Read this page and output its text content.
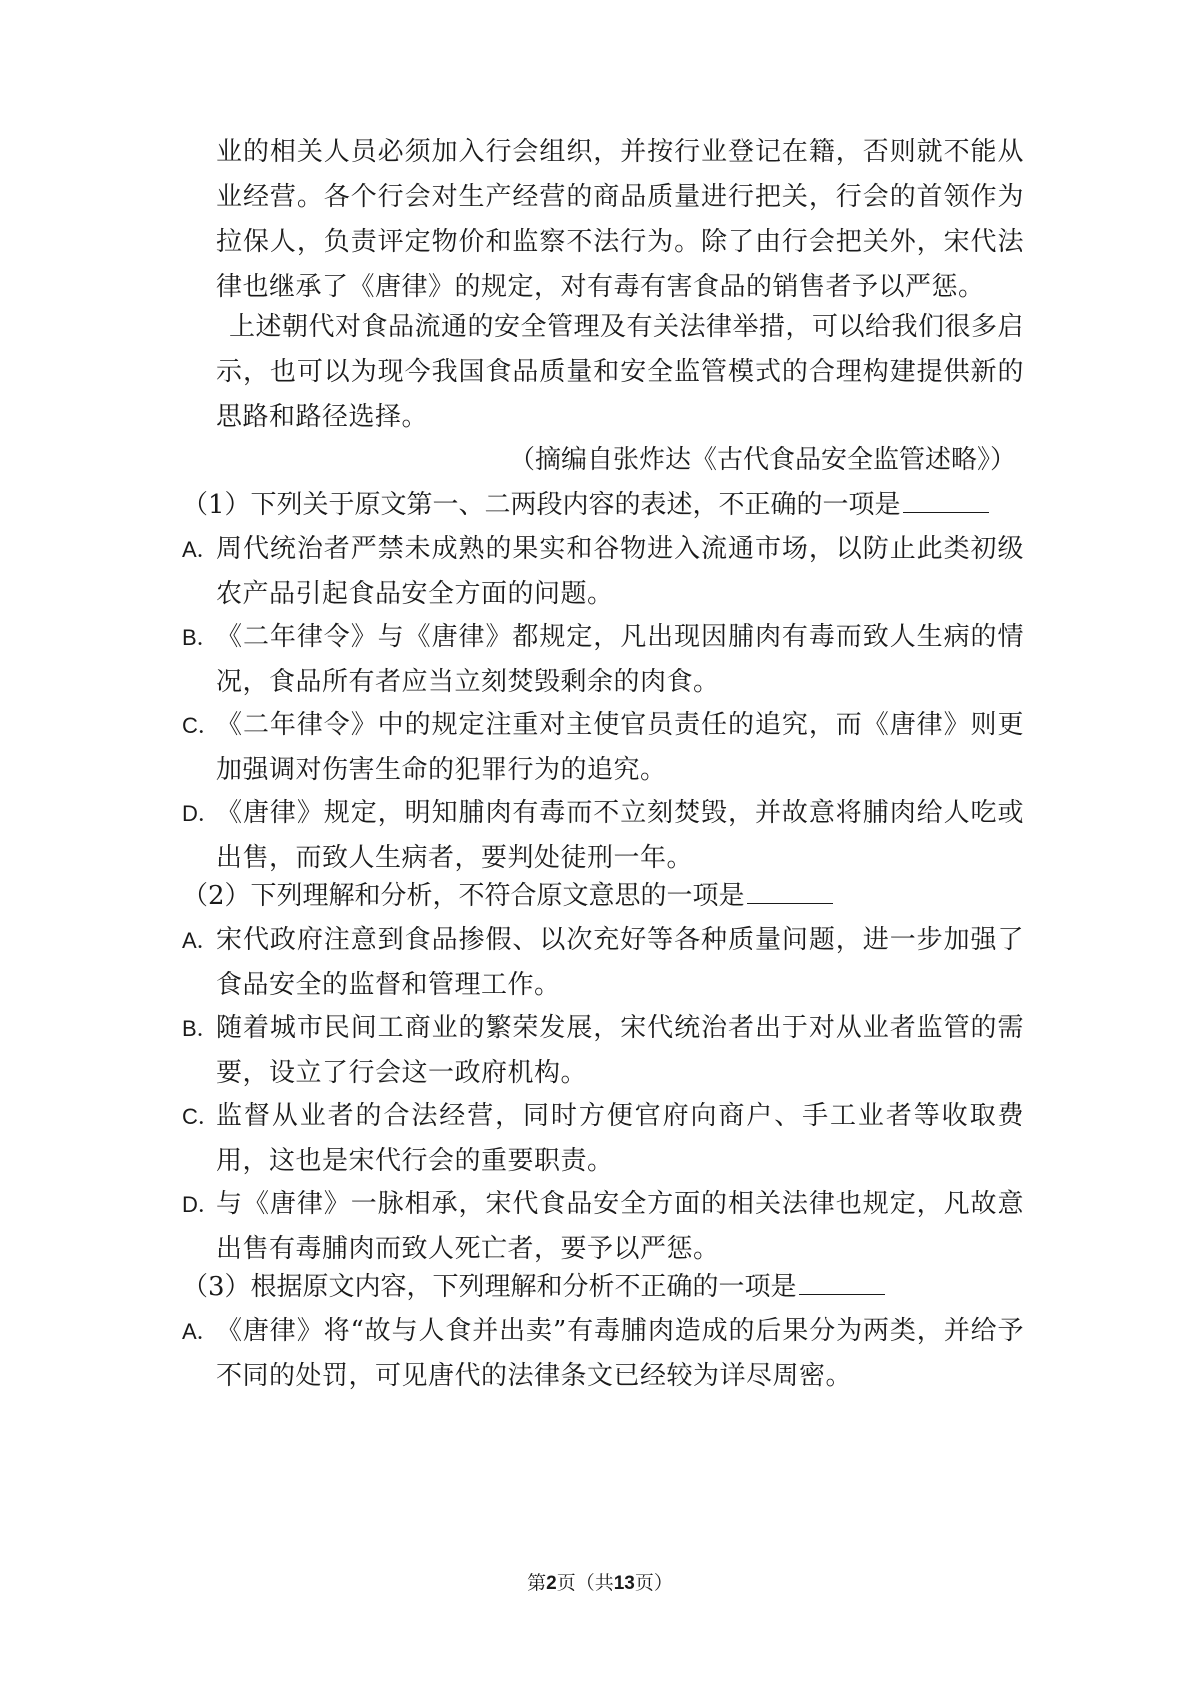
业的相关人员必须加入行会组织，并按行业登记在籍，否则就不能从业经营。各个行会对生产经营的商品质量进行把关，行会的首领作为拉保人，负责评定物价和监察不法行为。除了由行会把关外，宋代法律也继承了《唐律》的规定，对有毒有害食品的销售者予以严惩。

上述朝代对食品流通的安全管理及有关法律举措，可以给我们很多启示，也可以为现今我国食品质量和安全监管模式的合理构建提供新的思路和路径选择。

（摘编自张炸达《古代食品安全监管述略》）
（1）下列关于原文第一、二两段内容的表述，不正确的一项是
A．
周代统治者严禁未成熟的果实和谷物进入流通市场，以防止此类初级农产品引起食品安全方面的问题。
B．
《二年律令》与《唐律》都规定，凡出现因脯肉有毒而致人生病的情况，食品所有者应当立刻焚毁剩余的肉食。
C．
《二年律令》中的规定注重对主使官员责任的追究，而《唐律》则更加强调对伤害生命的犯罪行为的追究。
D．
《唐律》规定，明知脯肉有毒而不立刻焚毁，并故意将脯肉给人吃或出售，而致人生病者，要判处徒刑一年。
（2）下列理解和分析，不符合原文意思的一项是
A．
宋代政府注意到食品掺假、以次充好等各种质量问题，进一步加强了食品安全的监督和管理工作。
B．
随着城市民间工商业的繁荣发展，宋代统治者出于对从业者监管的需要，设立了行会这一政府机构。
C．
监督从业者的合法经营，同时方便官府向商户、手工业者等收取费用，这也是宋代行会的重要职责。
D．
与《唐律》一脉相承，宋代食品安全方面的相关法律也规定，凡故意出售有毒脯肉而致人死亡者，要予以严惩。
（3）根据原文内容，下列理解和分析不正确的一项是
A．
《唐律》将“故与人食并出卖”有毒脯肉造成的后果分为两类，并给予不同的处罚，可见唐代的法律条文已经较为详尽周密。
第2页（共13页）
